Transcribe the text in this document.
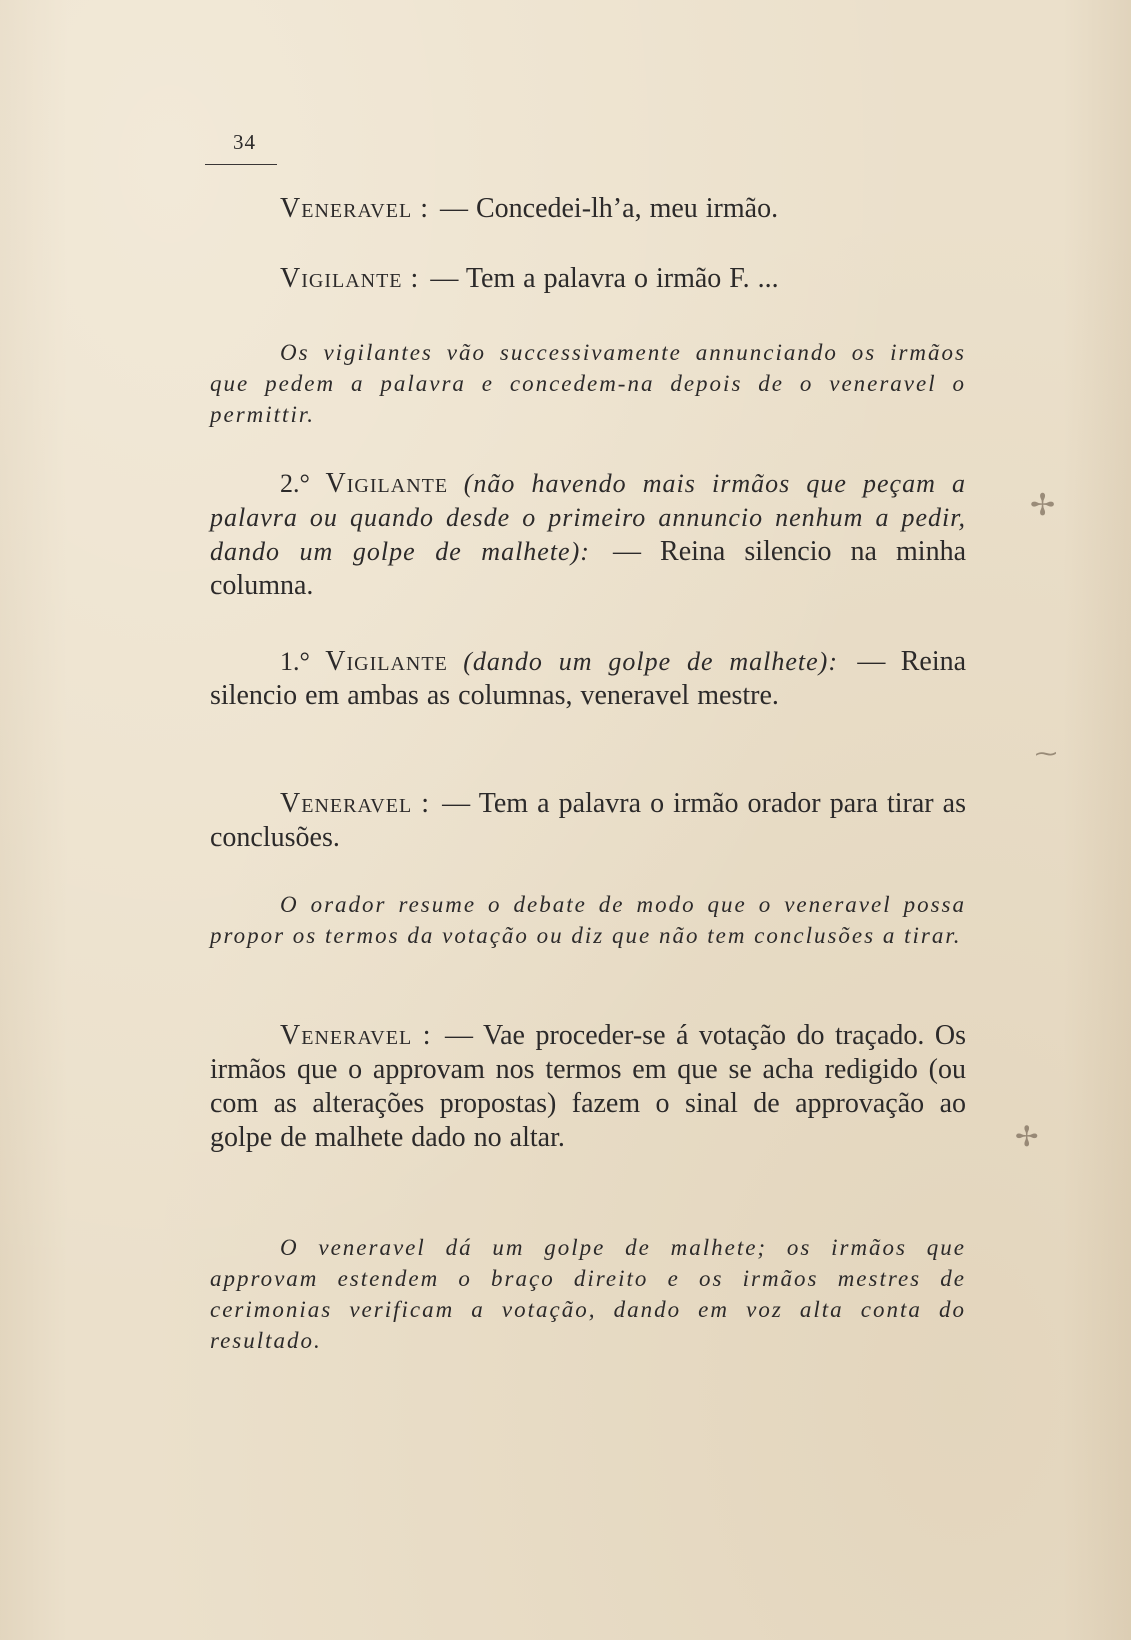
34

Veneravel : — Concedei-lh’a, meu irmão.

Vigilante : — Tem a palavra o irmão F. ...

Os vigilantes vão successivamente annunciando os irmãos que pedem a palavra e concedem-na depois de o veneravel o permittir.

2.° Vigilante (não havendo mais irmãos que peçam a palavra ou quando desde o primeiro annuncio nenhum a pedir, dando um golpe de malhete): — Reina silencio na minha columna.

1.° Vigilante (dando um golpe de malhete): — Reina silencio em ambas as columnas, veneravel mestre.

Veneravel : — Tem a palavra o irmão orador para tirar as conclusões.

O orador resume o debate de modo que o veneravel possa propor os termos da votação ou diz que não tem conclusões a tirar.

Veneravel : — Vae proceder-se á votação do traçado. Os irmãos que o approvam nos termos em que se acha redigido (ou com as alterações propostas) fazem o sinal de approvação ao golpe de malhete dado no altar.

O veneravel dá um golpe de malhete; os irmãos que approvam estendem o braço direito e os irmãos mestres de cerimonias verificam a votação, dando em voz alta conta do resultado.

✢
⁓
✢
